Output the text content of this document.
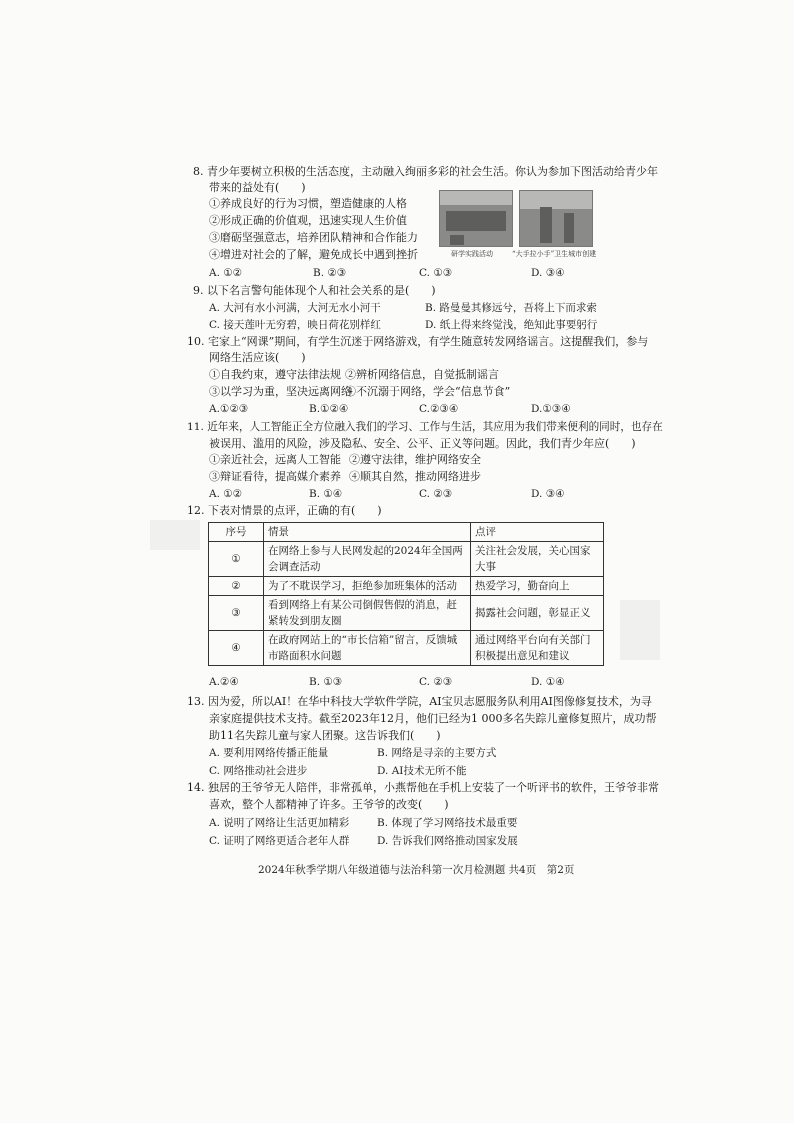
8. 青少年要树立积极的生活态度，主动融入绚丽多彩的社会生活。你认为参加下图活动给青少年
带来的益处有(　　)
①养成良好的行为习惯，塑造健康的人格
②形成正确的价值观，迅速实现人生价值
③磨砺坚强意志，培养团队精神和合作能力
④增进对社会的了解，避免成长中遇到挫折	研学实践活动	“大手拉小手”卫生城市创建
A. ①②	B. ②③	C. ①③	D. ③④
9. 以下名言警句能体现个人和社会关系的是(　　)
A. 大河有水小河满，大河无水小河干	B. 路曼曼其修远兮，吾将上下而求索
C. 接天莲叶无穷碧，映日荷花别样红	D. 纸上得来终觉浅，绝知此事要躬行
10. 宅家上“网课”期间，有学生沉迷于网络游戏，有学生随意转发网络谣言。这提醒我们，参与
网络生活应该(　　)
①自我约束，遵守法律法规 ②辨析网络信息，自觉抵制谣言
③以学习为重，坚决远离网络
④不沉溺于网络，学会“信息节食”
A.①②③	B.①②④	C.②③④	D.①③④
11. 近年来，人工智能正全方位融入我们的学习、工作与生活，其应用为我们带来便利的同时，也存在
被误用、滥用的风险，涉及隐私、安全、公平、正义等问题。因此，我们青少年应(　　)
①亲近社会，远离人工智能 ②遵守法律，维护网络安全
③辩证看待，提高媒介素养 ④顺其自然，推动网络进步
A. ①②	B. ①④	C. ②③	D. ③④
12. 下表对情景的点评，正确的有(　　)
序号	情景	点评
①	在网络上参与人民网发起的2024年全国两会调查活动	关注社会发展，关心国家大事
②	为了不耽误学习，拒绝参加班集体的活动	热爱学习，勤奋向上
③	看到网络上有某公司倒假售假的消息，赶紧转发到朋友圈	揭露社会问题，彰显正义
④	在政府网站上的“市长信箱”留言，反馈城市路面积水问题	通过网络平台向有关部门积极提出意见和建议
A.②④	B. ①③	C. ②③	D. ①④
13. 因为爱，所以AI！在华中科技大学软件学院，AI宝贝志愿服务队利用AI图像修复技术，为寻
亲家庭提供技术支持。截至2023年12月，他们已经为1 000多名失踪儿童修复照片，成功帮
助11名失踪儿童与家人团聚。这告诉我们(　　)
A. 要利用网络传播正能量	B. 网络是寻亲的主要方式
C. 网络推动社会进步	D. AI技术无所不能
14. 独居的王爷爷无人陪伴，非常孤单，小燕帮他在手机上安装了一个听评书的软件，王爷爷非常
喜欢，整个人都精神了许多。王爷爷的改变(　　)
A. 说明了网络让生活更加精彩	B. 体现了学习网络技术最重要
C. 证明了网络更适合老年人群	D. 告诉我们网络推动国家发展
2024年秋季学期八年级道德与法治科第一次月检测题 共4页　第2页
